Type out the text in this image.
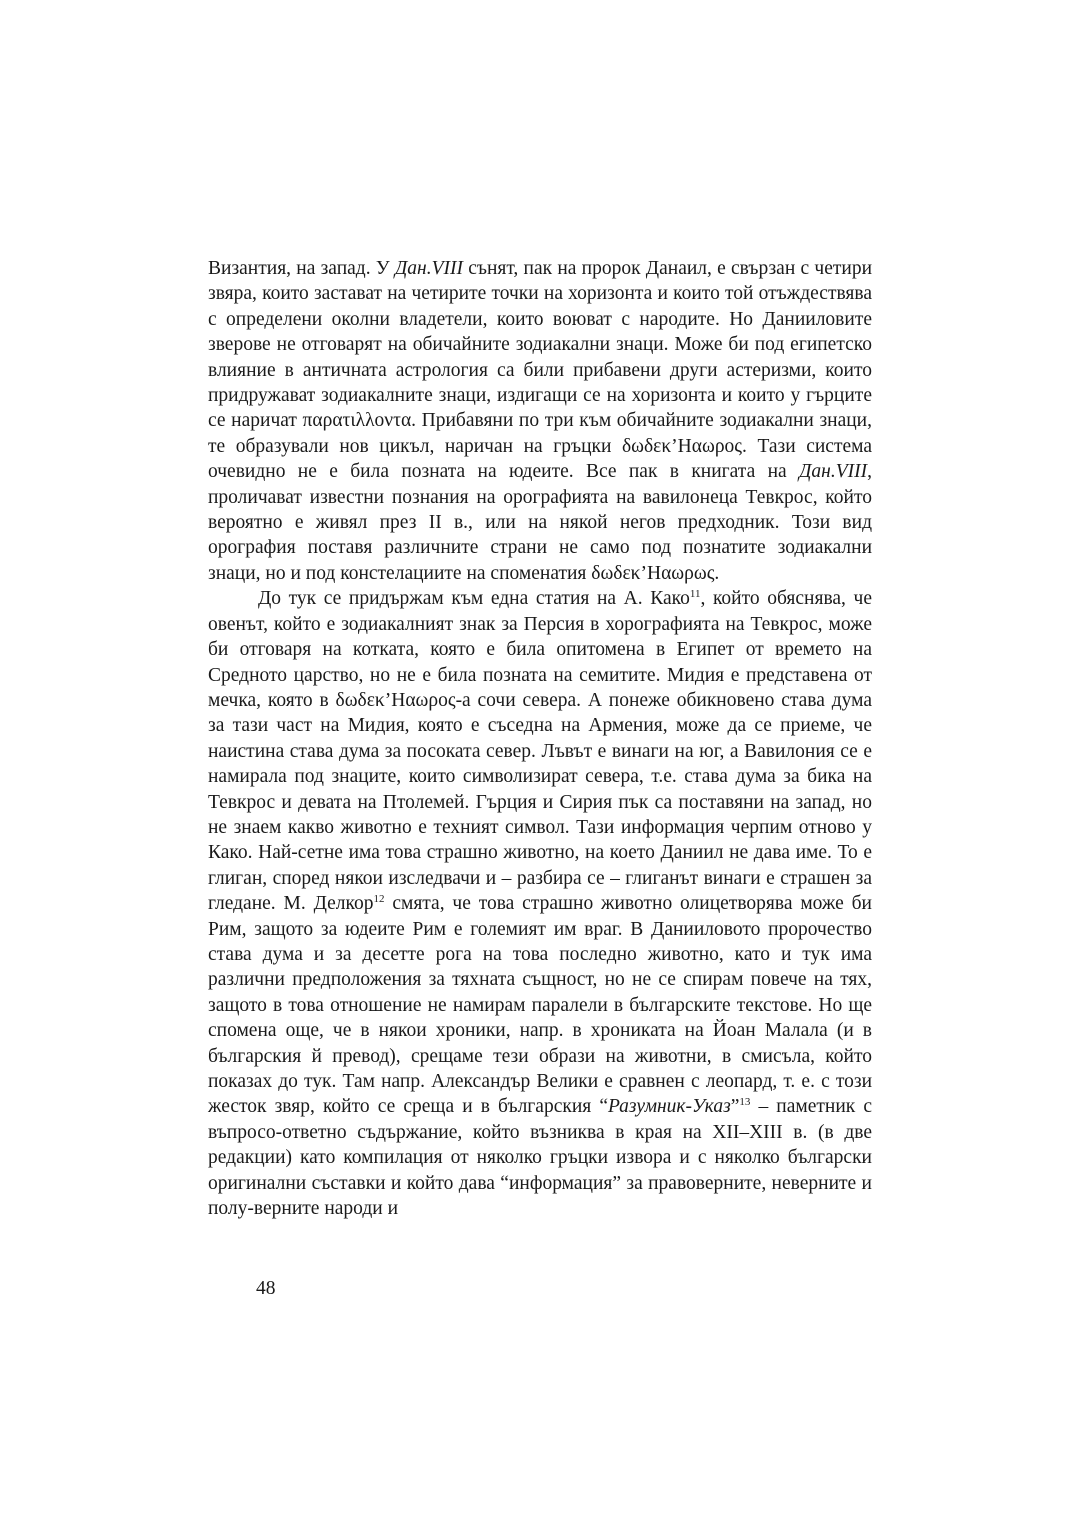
Византия, на запад. У Дан.VIII сънят, пак на пророк Данаил, е свързан с четири звяра, които застават на четирите точки на хоризонта и които той отъждествява с определени околни владетели, които воюват с народите. Но Данииловите зверове не отговарят на обичайните зодиакални знаци. Може би под египетско влияние в античната астрология са били прибавени други астеризми, които придружават зодиакалните знаци, издигащи се на хоризонта и които у гърците се наричат παρατιλλοντα. Прибавяни по три към обичайните зодиакални знаци, те образували нов цикъл, наричан на гръцки δωδεκ’Ηαωρος. Тази система очевидно не е била позната на юдеите. Все пак в книгата на Дан.VIII, проличават известни познания на орографията на вавилонеца Тевкрос, който вероятно е живял през II в., или на някой негов предходник. Този вид орография поставя различните страни не само под познатите зодиакални знаци, но и под констелациите на споменатия δωδεκ’Ηαωρως.

До тук се придържам към една статия на А. Како$^{11}$, който обяснява, че овенът, който е зодиакалният знак за Персия в хорографията на Тевкрос, може би отговаря на котката, която е била опитомена в Египет от времето на Средното царство, но не е била позната на семитите. Мидия е представена от мечка, която в δωδεκ’Ηαωρος-а сочи севера. А понеже обикновено става дума за тази част на Мидия, която е съседна на Армения, може да се приеме, че наистина става дума за посоката север. Лъвът е винаги на юг, а Вавилония се е намирала под знаците, които символизират севера, т.е. става дума за бика на Тевкрос и девата на Птолемей. Гърция и Сирия пък са поставяни на запад, но не знаем какво животно е техният символ. Тази информация черпим отново у Како. Най-сетне има това страшно животно, на което Даниил не дава име. То е глиган, според някои изследвачи и – разбира се – глиганът винаги е страшен за гледане. М. Делкор$^{12}$ смята, че това страшно животно олицетворява може би Рим, защото за юдеите Рим е големият им враг. В Данииловото пророчество става дума и за десетте рога на това последно животно, като и тук има различни предположения за тяхната същност, но не се спирам повече на тях, защото в това отношение не намирам паралели в българските текстове. Но ще спомена още, че в някои хроники, напр. в хрониката на Йоан Малала (и в българския й превод), срещаме тези образи на животни, в смисъла, който показах до тук. Там напр. Александър Велики е сравнен с леопард, т. е. с този жесток звяр, който се среща и в българския “Разумник-Указ”$^{13}$ – паметник с въпросо-ответно съдържание, който възниква в края на XII–XIII в. (в две редакции) като компилация от няколко гръцки извора и с няколко български оригинални съставки и който дава “информация” за правоверните, неверните и полу-верните народи и

48
